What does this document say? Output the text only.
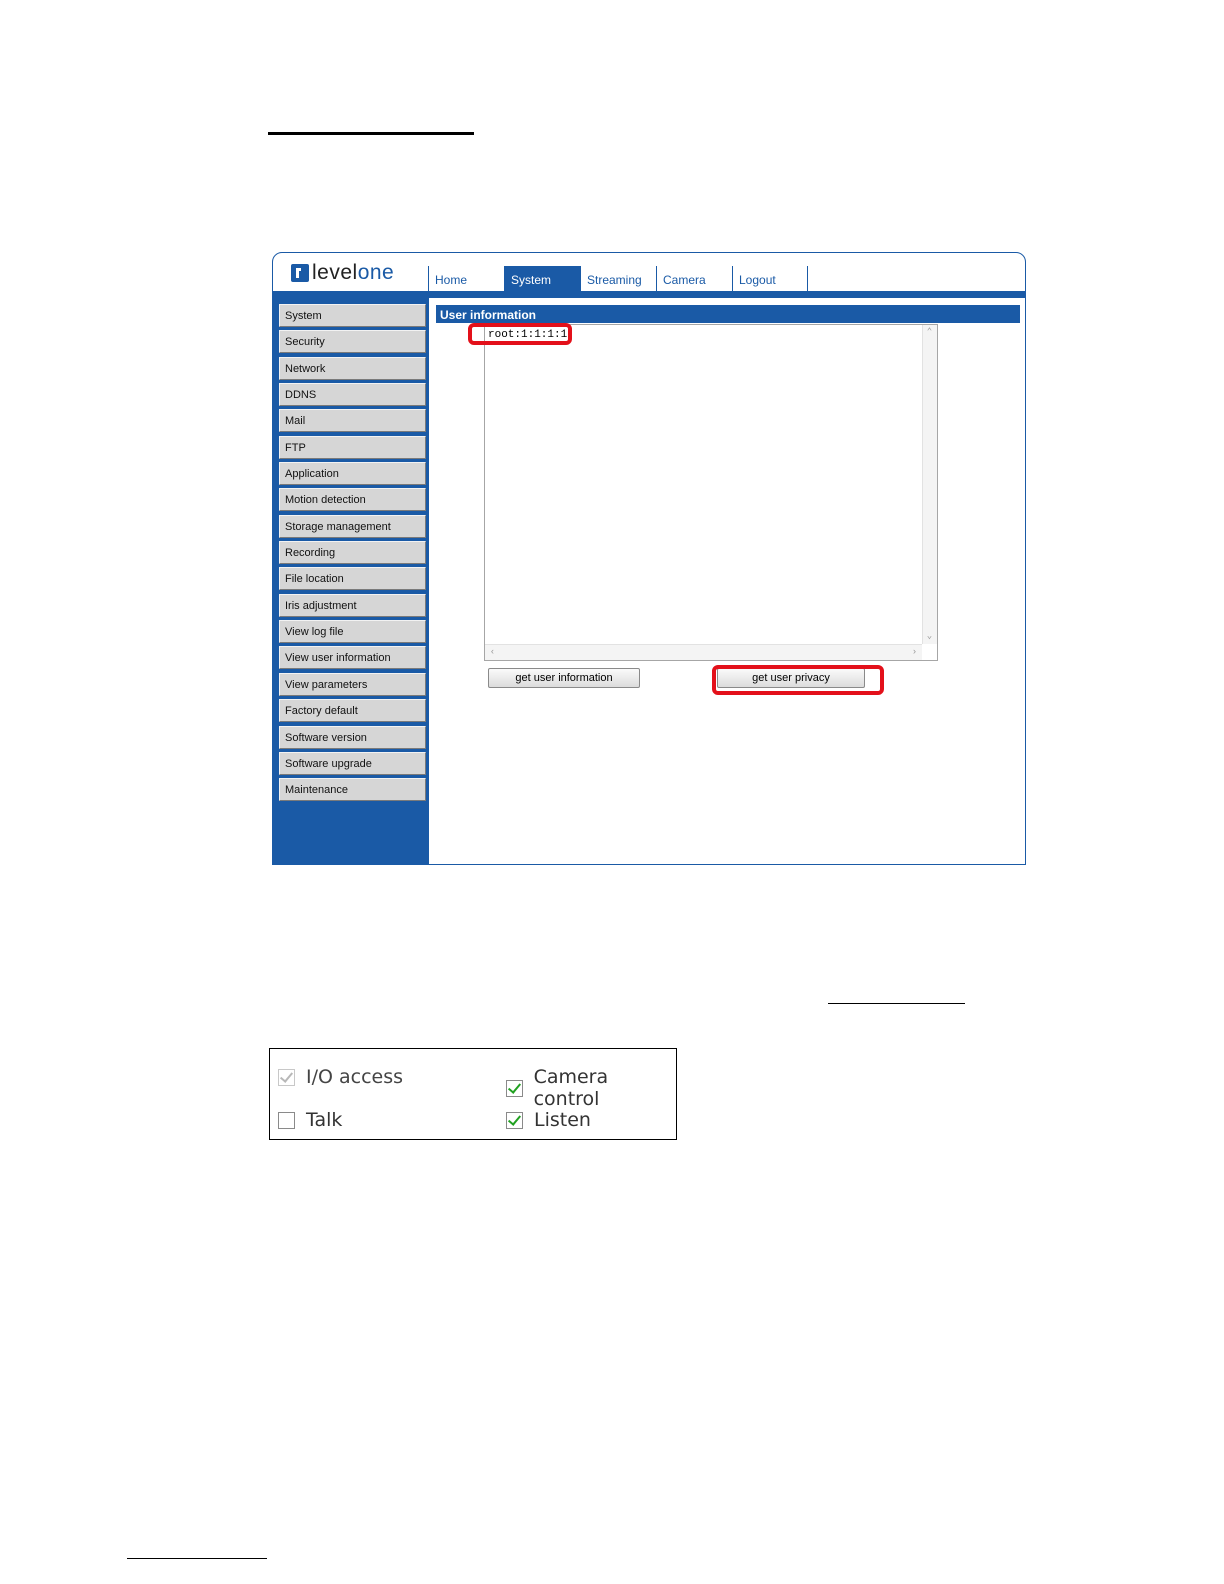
levelone	Home	System	Streaming	Camera	Logout
System
Security
Network
DDNS
Mail
FTP
Application
Motion detection
Storage management
Recording
File location
Iris adjustment
View log file
View user information
View parameters
Factory default
Software version
Software upgrade
Maintenance
User information
root:1:1:1:1	⌃
⌄
‹	›
get user information	get user privacy
I/O access	Camera control
Talk	Listen
